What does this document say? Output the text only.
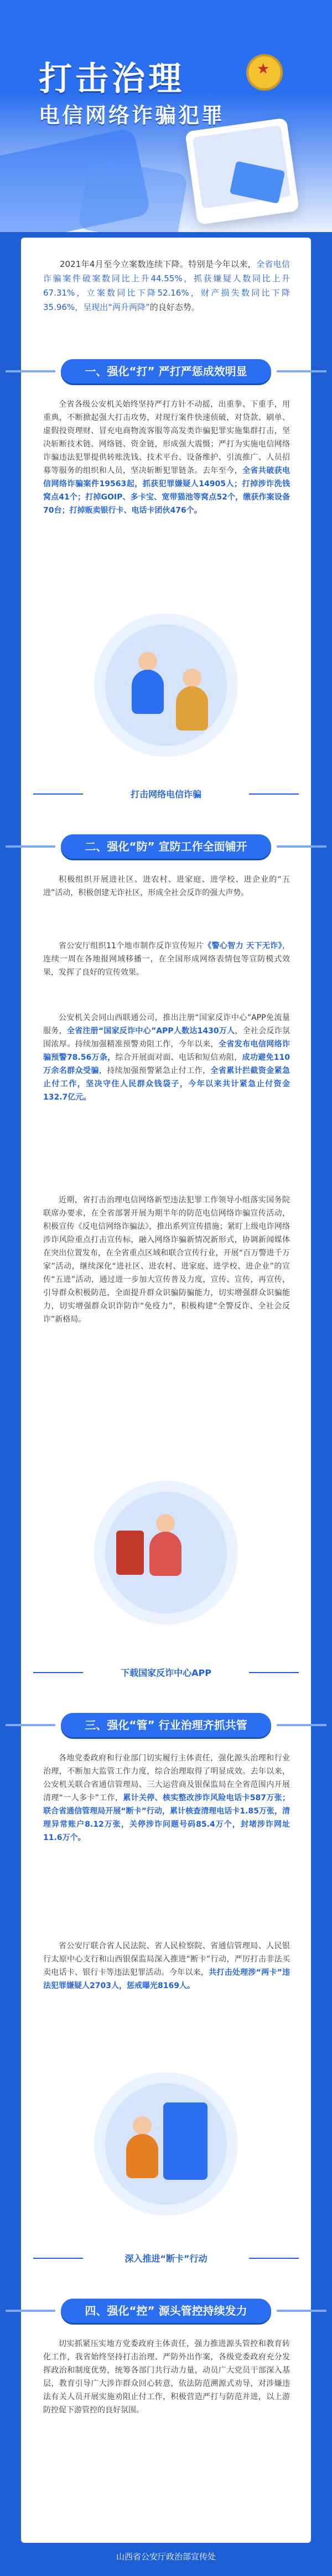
打击治理
电信网络诈骗犯罪
★

2021年4月至今立案数连续下降。特别是今年以来，全省电信诈骗案件破案数同比上升44.55%，抓获嫌疑人数同比上升67.31%，立案数同比下降52.16%，财产损失数同比下降35.96%，呈现出“两升两降”的良好态势。

一、强化“打” 严打严惩成效明显

全省各级公安机关始终坚持严打方针不动摇，出重拳、下重手，用重典，不断掀起强大打击攻势，对现行案件快速侦破，对贷款、刷单、虚假投资理财、冒充电商物流客服等高发类诈骗犯罪实施集群打击，坚决斩断技术链、网络链、资金链，形成强大震慑；严打为实施电信网络诈骗违法犯罪提供转账洗钱、技术平台、设备维护、引流推广、人员招募等服务的组织和人员，坚决斩断犯罪链条。去年至今，全省共破获电信网络诈骗案件19563起，抓获犯罪嫌疑人14905人；打掉涉诈洗钱窝点41个；打掉GOIP、多卡宝、宽带猫池等窝点52个，缴获作案设备70台；打掉贩卖银行卡、电话卡团伙476个。

打击网络电信诈骗
二、强化“防” 宣防工作全面铺开

积极组织开展进社区、进农村、进家庭、进学校、进企业的“五进”活动，积极创建无诈社区，形成全社会反诈的强大声势。

省公安厅组织11个地市制作反诈宣传短片《警心智力 天下无诈》，连续一周在各地报网域移播一，在全国形成网络表情包等宣防模式效果，发挥了良好的宣传效果。

公安机关会同山西联通公司，推出注册“国家反诈中心”APP免流量服务，全省注册“国家反诈中心”APP人数达1430万人，全社会反诈氛围浓厚。持续加强精准预警劝阻工作，今年以来，全省发布电信网络诈骗预警78.56万条，综合开展面对面、电话和短信劝阻，成功避免110万余名群众受骗，持续加强预警紧急止付工作，全省累计拦截资金紧急止付工作，坚决守住人民群众钱袋子，今年以来共计紧急止付资金132.7亿元。

近期，省打击治理电信网络新型违法犯罪工作领导小组落实国务院联席办要求，在全省部署开展为期半年的防范电信网络诈骗宣传活动，积极宣传《反电信网络诈骗法》，推出系列宣传措施；紧盯上级电诈网络涉诈风险重点打击宣传标，融入网络诈骗新情况新形式，协调新闻媒体在突出位置发布，在全省重点区域和联合宣传行业，开展“百万警进千万家”活动，继续深化“进社区、进农村、进家庭、进学校、进企业”的宣传“五进”活动，通过进一步加大宣传普及力度，宣传、宣传，再宣传，引导群众积极防范，全面提升群众识骗防骗能力，切实增强群众识骗能力，切实增强群众识诈防诈“免疫力”，积极构建“全警反诈、全社会反诈”新格局。

下载国家反诈中心APP
三、强化“管” 行业治理齐抓共管

各地党委政府和行业部门切实履行主体责任，强化源头治理和行业治理，不断加大监管工作力度，综合治理取得了明显成效。去年以来，公安机关联合省通信管理局、三大运营商及银保监局在全省范围内开展清理“一人多卡”工作，累计关停、核实整改涉诈风险电话卡587万张；联合省通信管理局开展“断卡”行动，累计核查清理电话卡1.85万张，清理异常账户8.12万张，关停涉诈问题号码85.4万个，封堵涉诈网址11.6万个。

省公安厅联合省人民法院、省人民检察院、省通信管理局、人民银行太原中心支行和山西银保监局深入推进“断卡”行动，严厉打击非法买卖电话卡、银行卡等违法犯罪活动。今年以来，共打击处理涉“两卡”违法犯罪嫌疑人2703人，惩戒曝光8169人。

深入推进“断卡”行动
四、强化“控” 源头管控持续发力

切实抓紧压实地方党委政府主体责任，强力推进源头管控和教育转化工作，我省始终坚持打击治理、严防外出作案，各级党委政府充分发挥政治和制度优势，统筹各部门共行动力量，动员广大党员干部深入基层，教育引导广大涉诈群众回心转意，依法防范溯源式劝导，对涉嫌违法有关人员开展实施劝阻止付工作，积极营造严打与防范并进，以上游防控促下游管控的良好氛围。

山西省公安厅政治部宣传处
